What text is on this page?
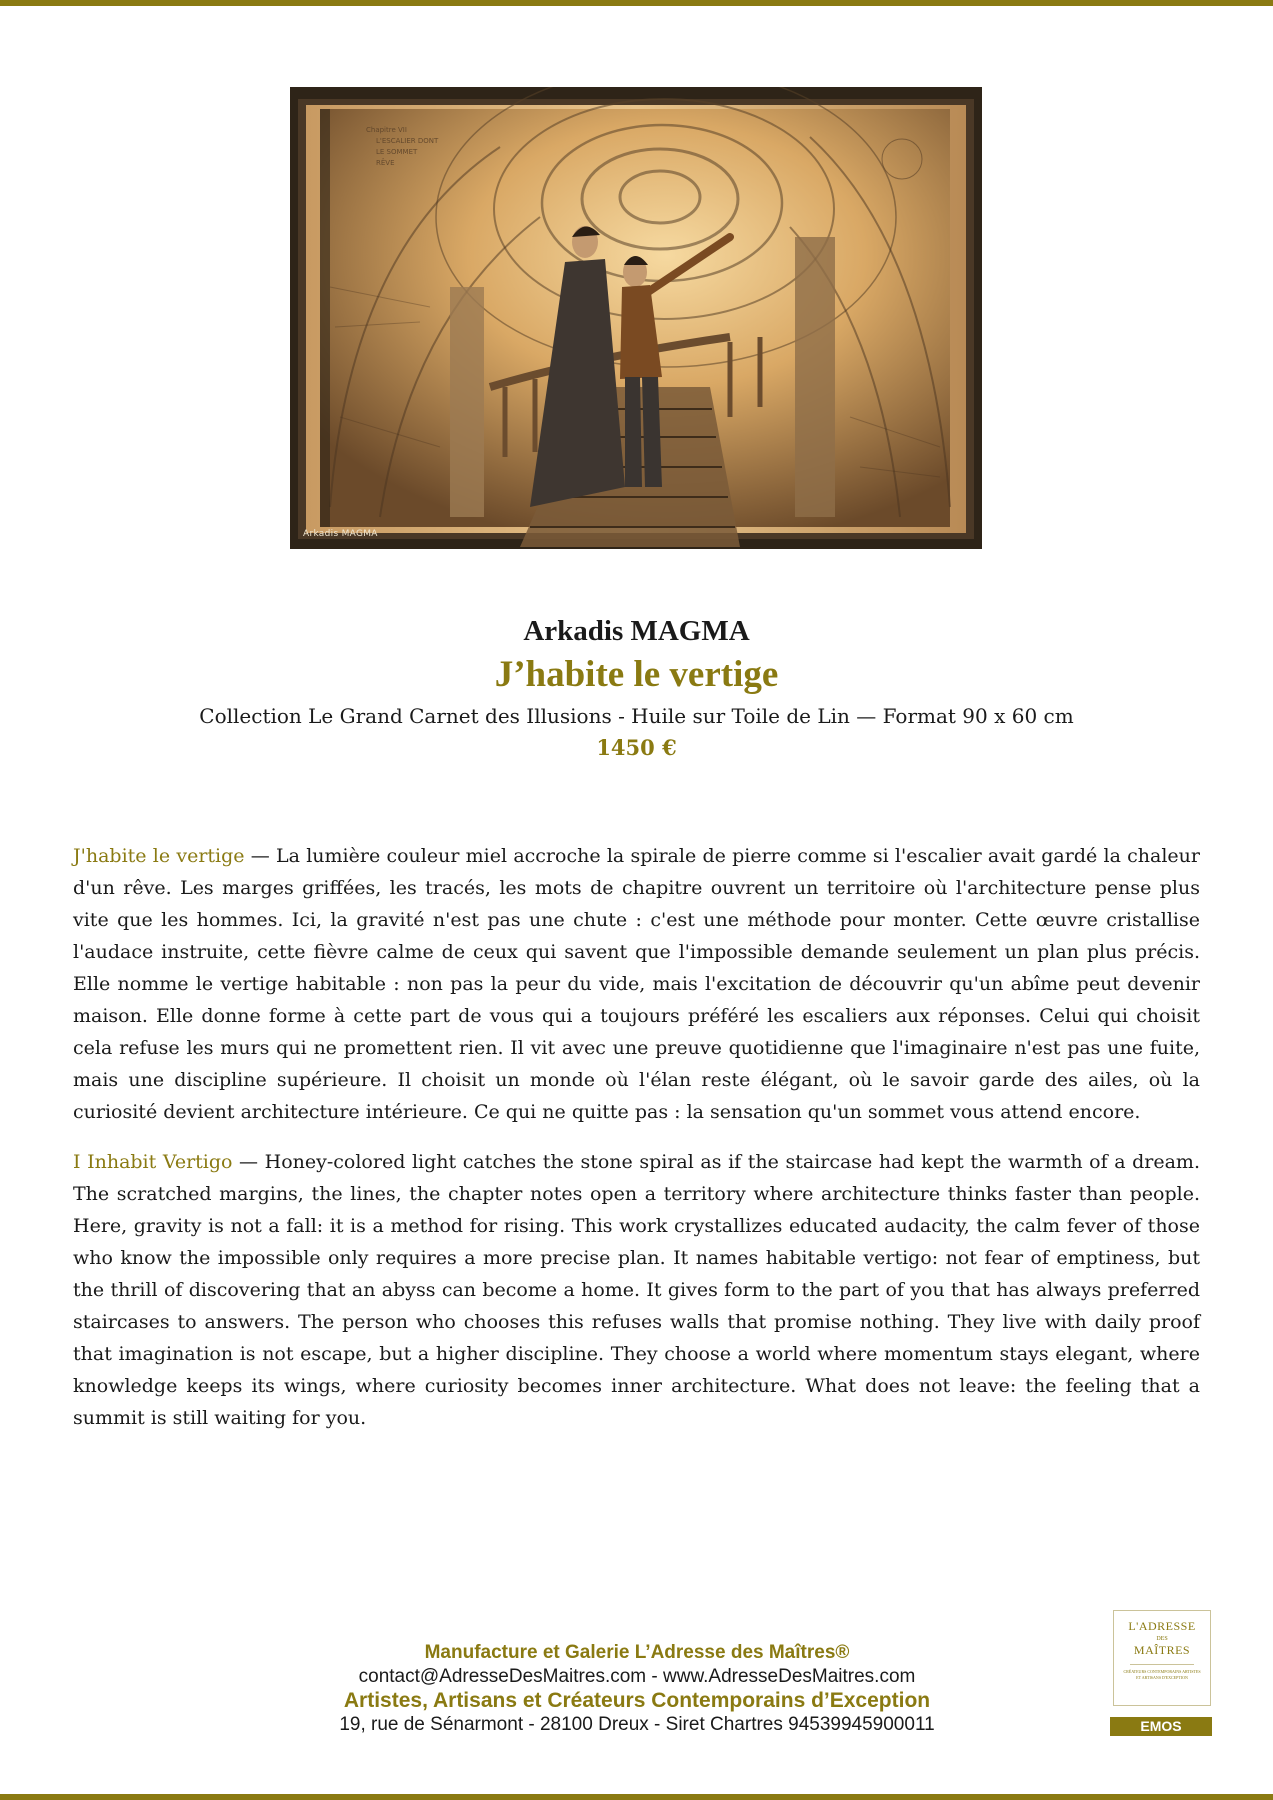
Chapitre VII
L'ESCALIER DONT
LE SOMMET
RÊVE
Arkadis MAGMA
Arkadis MAGMA
J’habite le vertige
Collection Le Grand Carnet des Illusions - Huile sur Toile de Lin — Format 90 x 60 cm
1450 €

J'habite le vertige — La lumière couleur miel accroche la spirale de pierre comme si l'escalier avait gardé la chaleur d'un rêve. Les marges griffées, les tracés, les mots de chapitre ouvrent un territoire où l'architecture pense plus vite que les hommes. Ici, la gravité n'est pas une chute : c'est une méthode pour monter. Cette œuvre cristallise l'audace instruite, cette fièvre calme de ceux qui savent que l'impossible demande seulement un plan plus précis. Elle nomme le vertige habitable : non pas la peur du vide, mais l'excitation de découvrir qu'un abîme peut devenir maison. Elle donne forme à cette part de vous qui a toujours préféré les escaliers aux réponses. Celui qui choisit cela refuse les murs qui ne promettent rien. Il vit avec une preuve quotidienne que l'imaginaire n'est pas une fuite, mais une discipline supérieure. Il choisit un monde où l'élan reste élégant, où le savoir garde des ailes, où la curiosité devient architecture intérieure. Ce qui ne quitte pas : la sensation qu'un sommet vous attend encore.

I Inhabit Vertigo — Honey-colored light catches the stone spiral as if the staircase had kept the warmth of a dream. The scratched margins, the lines, the chapter notes open a territory where architecture thinks faster than people. Here, gravity is not a fall: it is a method for rising. This work crystallizes educated audacity, the calm fever of those who know the impossible only requires a more precise plan. It names habitable vertigo: not fear of emptiness, but the thrill of discovering that an abyss can become a home. It gives form to the part of you that has always preferred staircases to answers. The person who chooses this refuses walls that promise nothing. They live with daily proof that imagination is not escape, but a higher discipline. They choose a world where momentum stays elegant, where knowledge keeps its wings, where curiosity becomes inner architecture. What does not leave: the feeling that a summit is still waiting for you.

Manufacture et Galerie L’Adresse des Maîtres®
contact@AdresseDesMaitres.com - www.AdresseDesMaitres.com
Artistes, Artisans et Créateurs Contemporains d’Exception
19, rue de Sénarmont - 28100 Dreux - Siret Chartres 94539945900011
L'ADRESSE
DES
MAÎTRES
CRÉATEURS CONTEMPORAINS ARTISTES ET ARTISANS D'EXCEPTION
EMOS
